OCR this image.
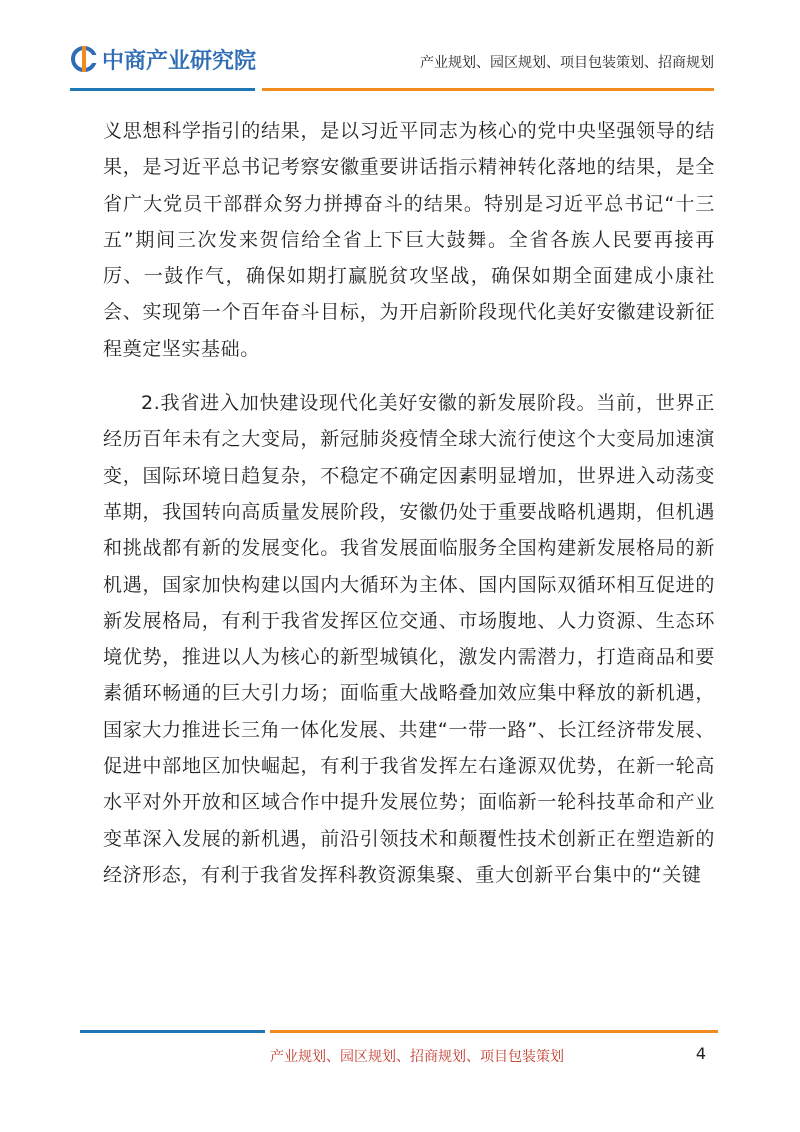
中商产业研究院	产业规划、园区规划、项目包装策划、招商规划

义思想科学指引的结果，是以习近平同志为核心的党中央坚强领导的结果，是习近平总书记考察安徽重要讲话指示精神转化落地的结果，是全省广大党员干部群众努力拼搏奋斗的结果。特别是习近平总书记“十三五”期间三次发来贺信给全省上下巨大鼓舞。全省各族人民要再接再厉、一鼓作气，确保如期打赢脱贫攻坚战，确保如期全面建成小康社会、实现第一个百年奋斗目标，为开启新阶段现代化美好安徽建设新征程奠定坚实基础。

2.我省进入加快建设现代化美好安徽的新发展阶段。当前，世界正经历百年未有之大变局，新冠肺炎疫情全球大流行使这个大变局加速演变，国际环境日趋复杂，不稳定不确定因素明显增加，世界进入动荡变革期，我国转向高质量发展阶段，安徽仍处于重要战略机遇期，但机遇和挑战都有新的发展变化。我省发展面临服务全国构建新发展格局的新机遇，国家加快构建以国内大循环为主体、国内国际双循环相互促进的新发展格局，有利于我省发挥区位交通、市场腹地、人力资源、生态环境优势，推进以人为核心的新型城镇化，激发内需潜力，打造商品和要素循环畅通的巨大引力场；面临重大战略叠加效应集中释放的新机遇，国家大力推进长三角一体化发展、共建“一带一路”、长江经济带发展、促进中部地区加快崛起，有利于我省发挥左右逢源双优势，在新一轮高水平对外开放和区域合作中提升发展位势；面临新一轮科技革命和产业变革深入发展的新机遇，前沿引领技术和颠覆性技术创新正在塑造新的经济形态，有利于我省发挥科教资源集聚、重大创新平台集中的“关键

产业规划、园区规划、招商规划、项目包装策划	4
